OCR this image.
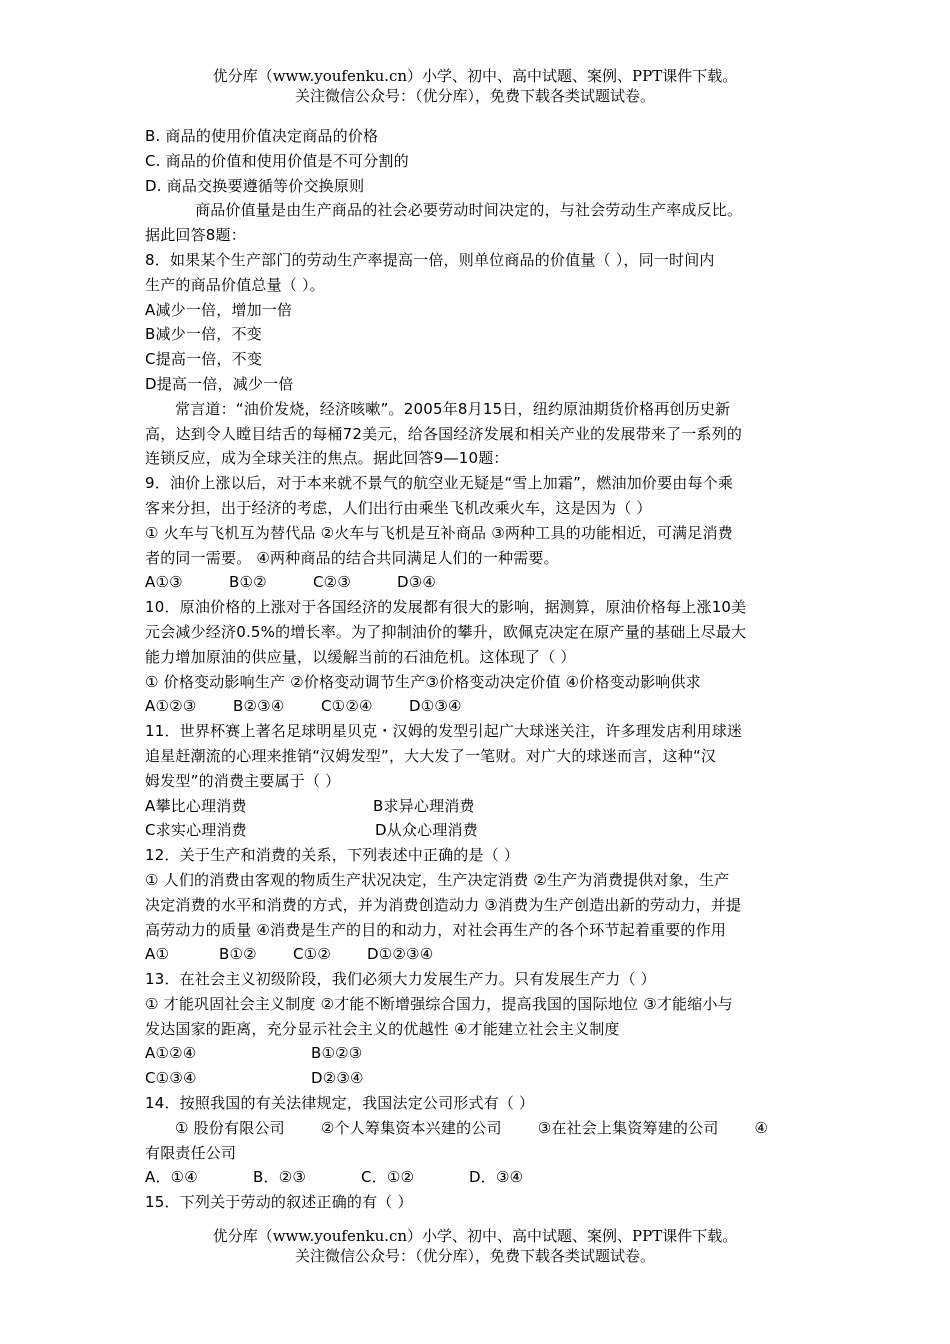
优分库（www.youfenku.cn）小学、初中、高中试题、案例、PPT课件下载。
关注微信公众号：（优分库），免费下载各类试题试卷。
B. 商品的使用价值决定商品的价格
C. 商品的价值和使用价值是不可分割的
D. 商品交换要遵循等价交换原则
商品价值量是由生产商品的社会必要劳动时间决定的，与社会劳动生产率成反比。
据此回答8题：
8．如果某个生产部门的劳动生产率提高一倍，则单位商品的价值量（ ），同一时间内
生产的商品价值总量（ ）。
A减少一倍，增加一倍
B减少一倍，不变
C提高一倍，不变
D提高一倍，减少一倍
常言道：“油价发烧，经济咳嗽”。2005年8月15日，纽约原油期货价格再创历史新
高，达到令人瞠目结舌的每桶72美元，给各国经济发展和相关产业的发展带来了一系列的
连锁反应，成为全球关注的焦点。据此回答9—10题：
9．油价上涨以后，对于本来就不景气的航空业无疑是“雪上加霜”，燃油加价要由每个乘
客来分担，出于经济的考虑，人们出行由乘坐飞机改乘火车，这是因为（ ）
① 火车与飞机互为替代品 ②火车与飞机是互补商品 ③两种工具的功能相近，可满足消费
者的同一需要。 ④两种商品的结合共同满足人们的一种需要。
A①③	B①②	C②③	D③④
10．原油价格的上涨对于各国经济的发展都有很大的影响，据测算，原油价格每上涨10美
元会减少经济0.5%的增长率。为了抑制油价的攀升，欧佩克决定在原产量的基础上尽最大
能力增加原油的供应量，以缓解当前的石油危机。这体现了（ ）
① 价格变动影响生产 ②价格变动调节生产③价格变动决定价值 ④价格变动影响供求
A①②③ B②③④ C①②④ D①③④
11．世界杯赛上著名足球明星贝克・汉姆的发型引起广大球迷关注，许多理发店利用球迷
追星赶潮流的心理来推销“汉姆发型”，大大发了一笔财。对广大的球迷而言，这种“汉
姆发型”的消费主要属于（ ）
A攀比心理消费	B求异心理消费
C求实心理消费	D从众心理消费
12．关于生产和消费的关系，下列表述中正确的是（ ）
① 人们的消费由客观的物质生产状况决定，生产决定消费 ②生产为消费提供对象，生产
决定消费的水平和消费的方式，并为消费创造动力 ③消费为生产创造出新的劳动力，并提
高劳动力的质量 ④消费是生产的目的和动力，对社会再生产的各个环节起着重要的作用
A①	B①② C①② D①②③④
13．在社会主义初级阶段，我们必须大力发展生产力。只有发展生产力（ ）
① 才能巩固社会主义制度 ②才能不断增强综合国力，提高我国的国际地位 ③才能缩小与
发达国家的距离，充分显示社会主义的优越性 ④才能建立社会主义制度
A①②④	B①②③
C①③④	D②③④
14．按照我国的有关法律规定，我国法定公司形式有（ ）
① 股份有限公司 ②个人筹集资本兴建的公司 ③在社会上集资筹建的公司 ④
有限责任公司
A．①④	B．②③	C．①②	D．③④
15．下列关于劳动的叙述正确的有（ ）
优分库（www.youfenku.cn）小学、初中、高中试题、案例、PPT课件下载。
关注微信公众号：（优分库），免费下载各类试题试卷。
